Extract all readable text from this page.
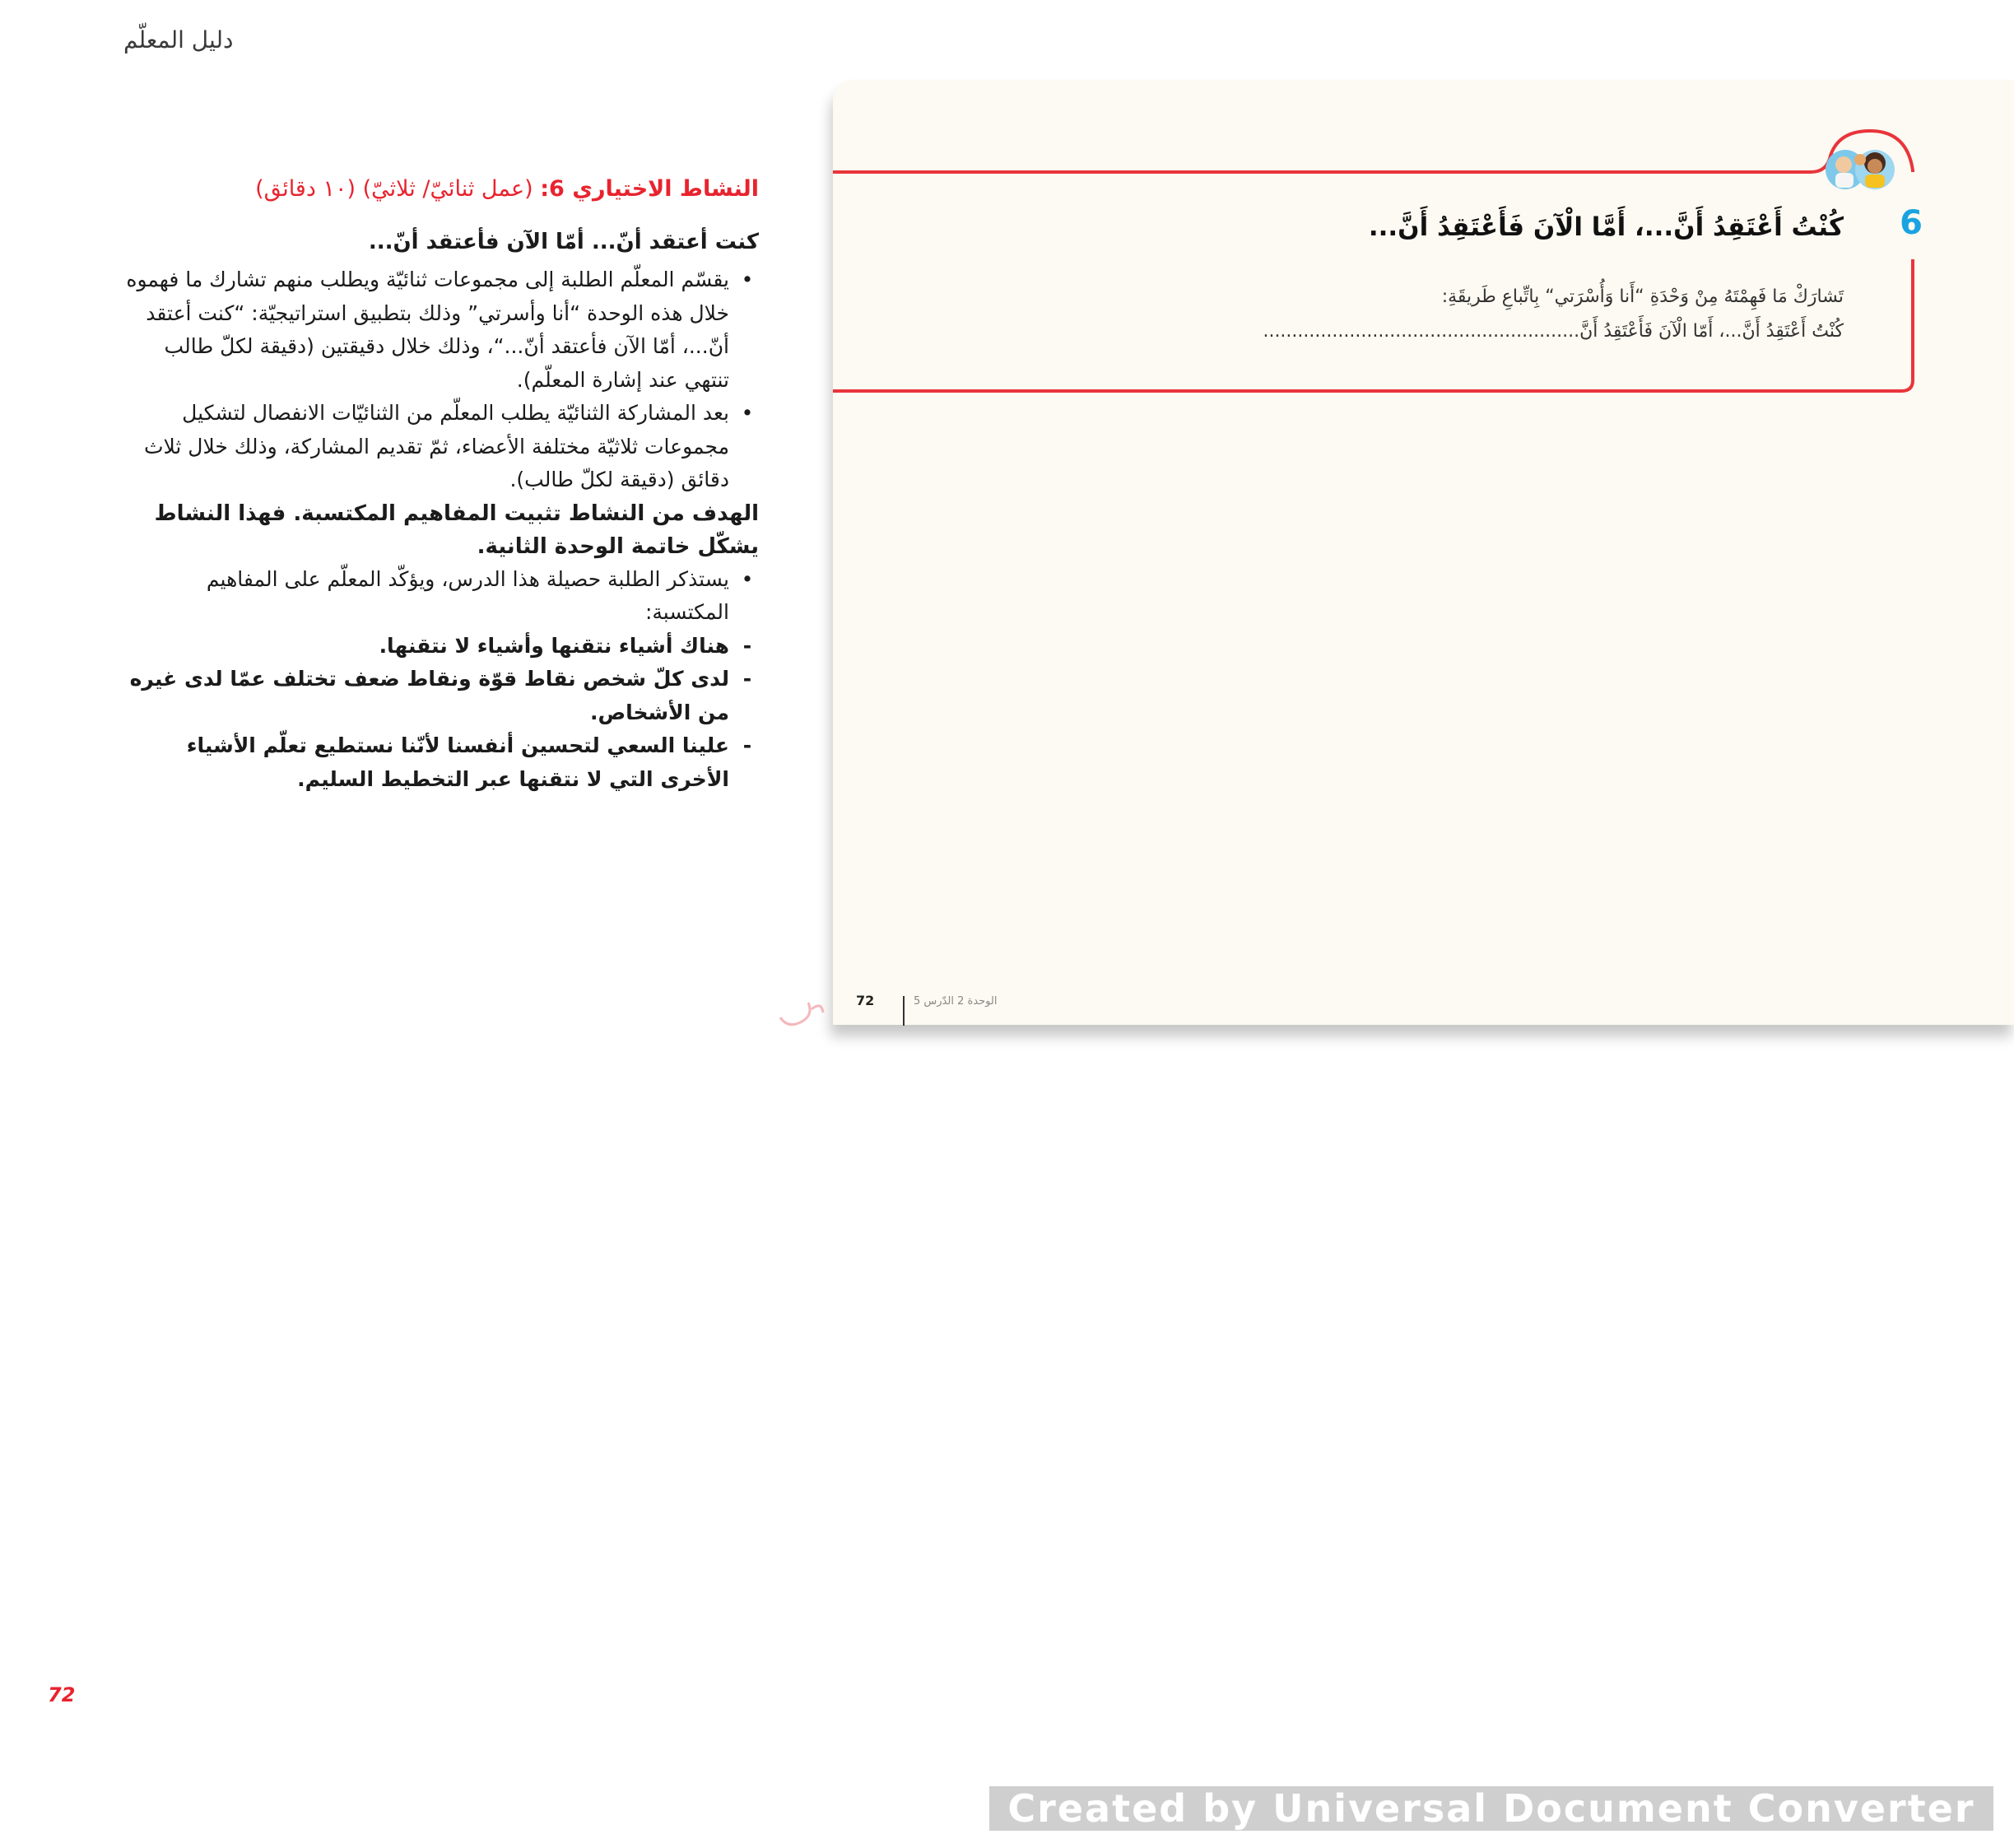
دليل المعلّم
النشاط الاختياري 6: (عمل ثنائيّ/ ثلاثيّ) (١٠ دقائق)
كنت أعتقد أنّ... أمّا الآن فأعتقد أنّ...
•
يقسّم المعلّم الطلبة إلى مجموعات ثنائيّة ويطلب منهم تشارك ما فهموه خلال هذه الوحدة “أنا وأسرتي” وذلك بتطبيق استراتيجيّة: “كنت أعتقد أنّ...، أمّا الآن فأعتقد أنّ...“، وذلك خلال دقيقتين (دقيقة لكلّ طالب تنتهي عند إشارة المعلّم).
•
بعد المشاركة الثنائيّة يطلب المعلّم من الثنائيّات الانفصال لتشكيل مجموعات ثلاثيّة مختلفة الأعضاء، ثمّ تقديم المشاركة، وذلك خلال ثلاث دقائق (دقيقة لكلّ طالب).
الهدف من النشاط تثبيت المفاهيم المكتسبة. فهذا النشاط يشكّل خاتمة الوحدة الثانية.
•
يستذكر الطلبة حصيلة هذا الدرس، ويؤكّد المعلّم على المفاهيم المكتسبة:
-
هناك أشياء نتقنها وأشياء لا نتقنها.
-
لدى كلّ شخص نقاط قوّة ونقاط ضعف تختلف عمّا لدى غيره من الأشخاص.
-
علينا السعي لتحسين أنفسنا لأنّنا نستطيع تعلّم الأشياء الأخرى التي لا نتقنها عبر التخطيط السليم.
6
كُنْتُ أَعْتَقِدُ أَنَّ...، أَمَّا الْآنَ فَأَعْتَقِدُ أَنَّ...
تَشارَكْ مَا فَهِمْتَهُ مِنْ وَحْدَةِ “أَنا وَأُسْرَتي“ بِاتِّباعِ طَريقَةِ:
كُنْتُ أَعْتَقِدُ أَنَّ...، أَمّا الْآنَ فَأَعْتَقِدُ أَنَّ.......................................................
72	الوحدة 2 الدّرس 5
72
Created by Universal Document Converter
